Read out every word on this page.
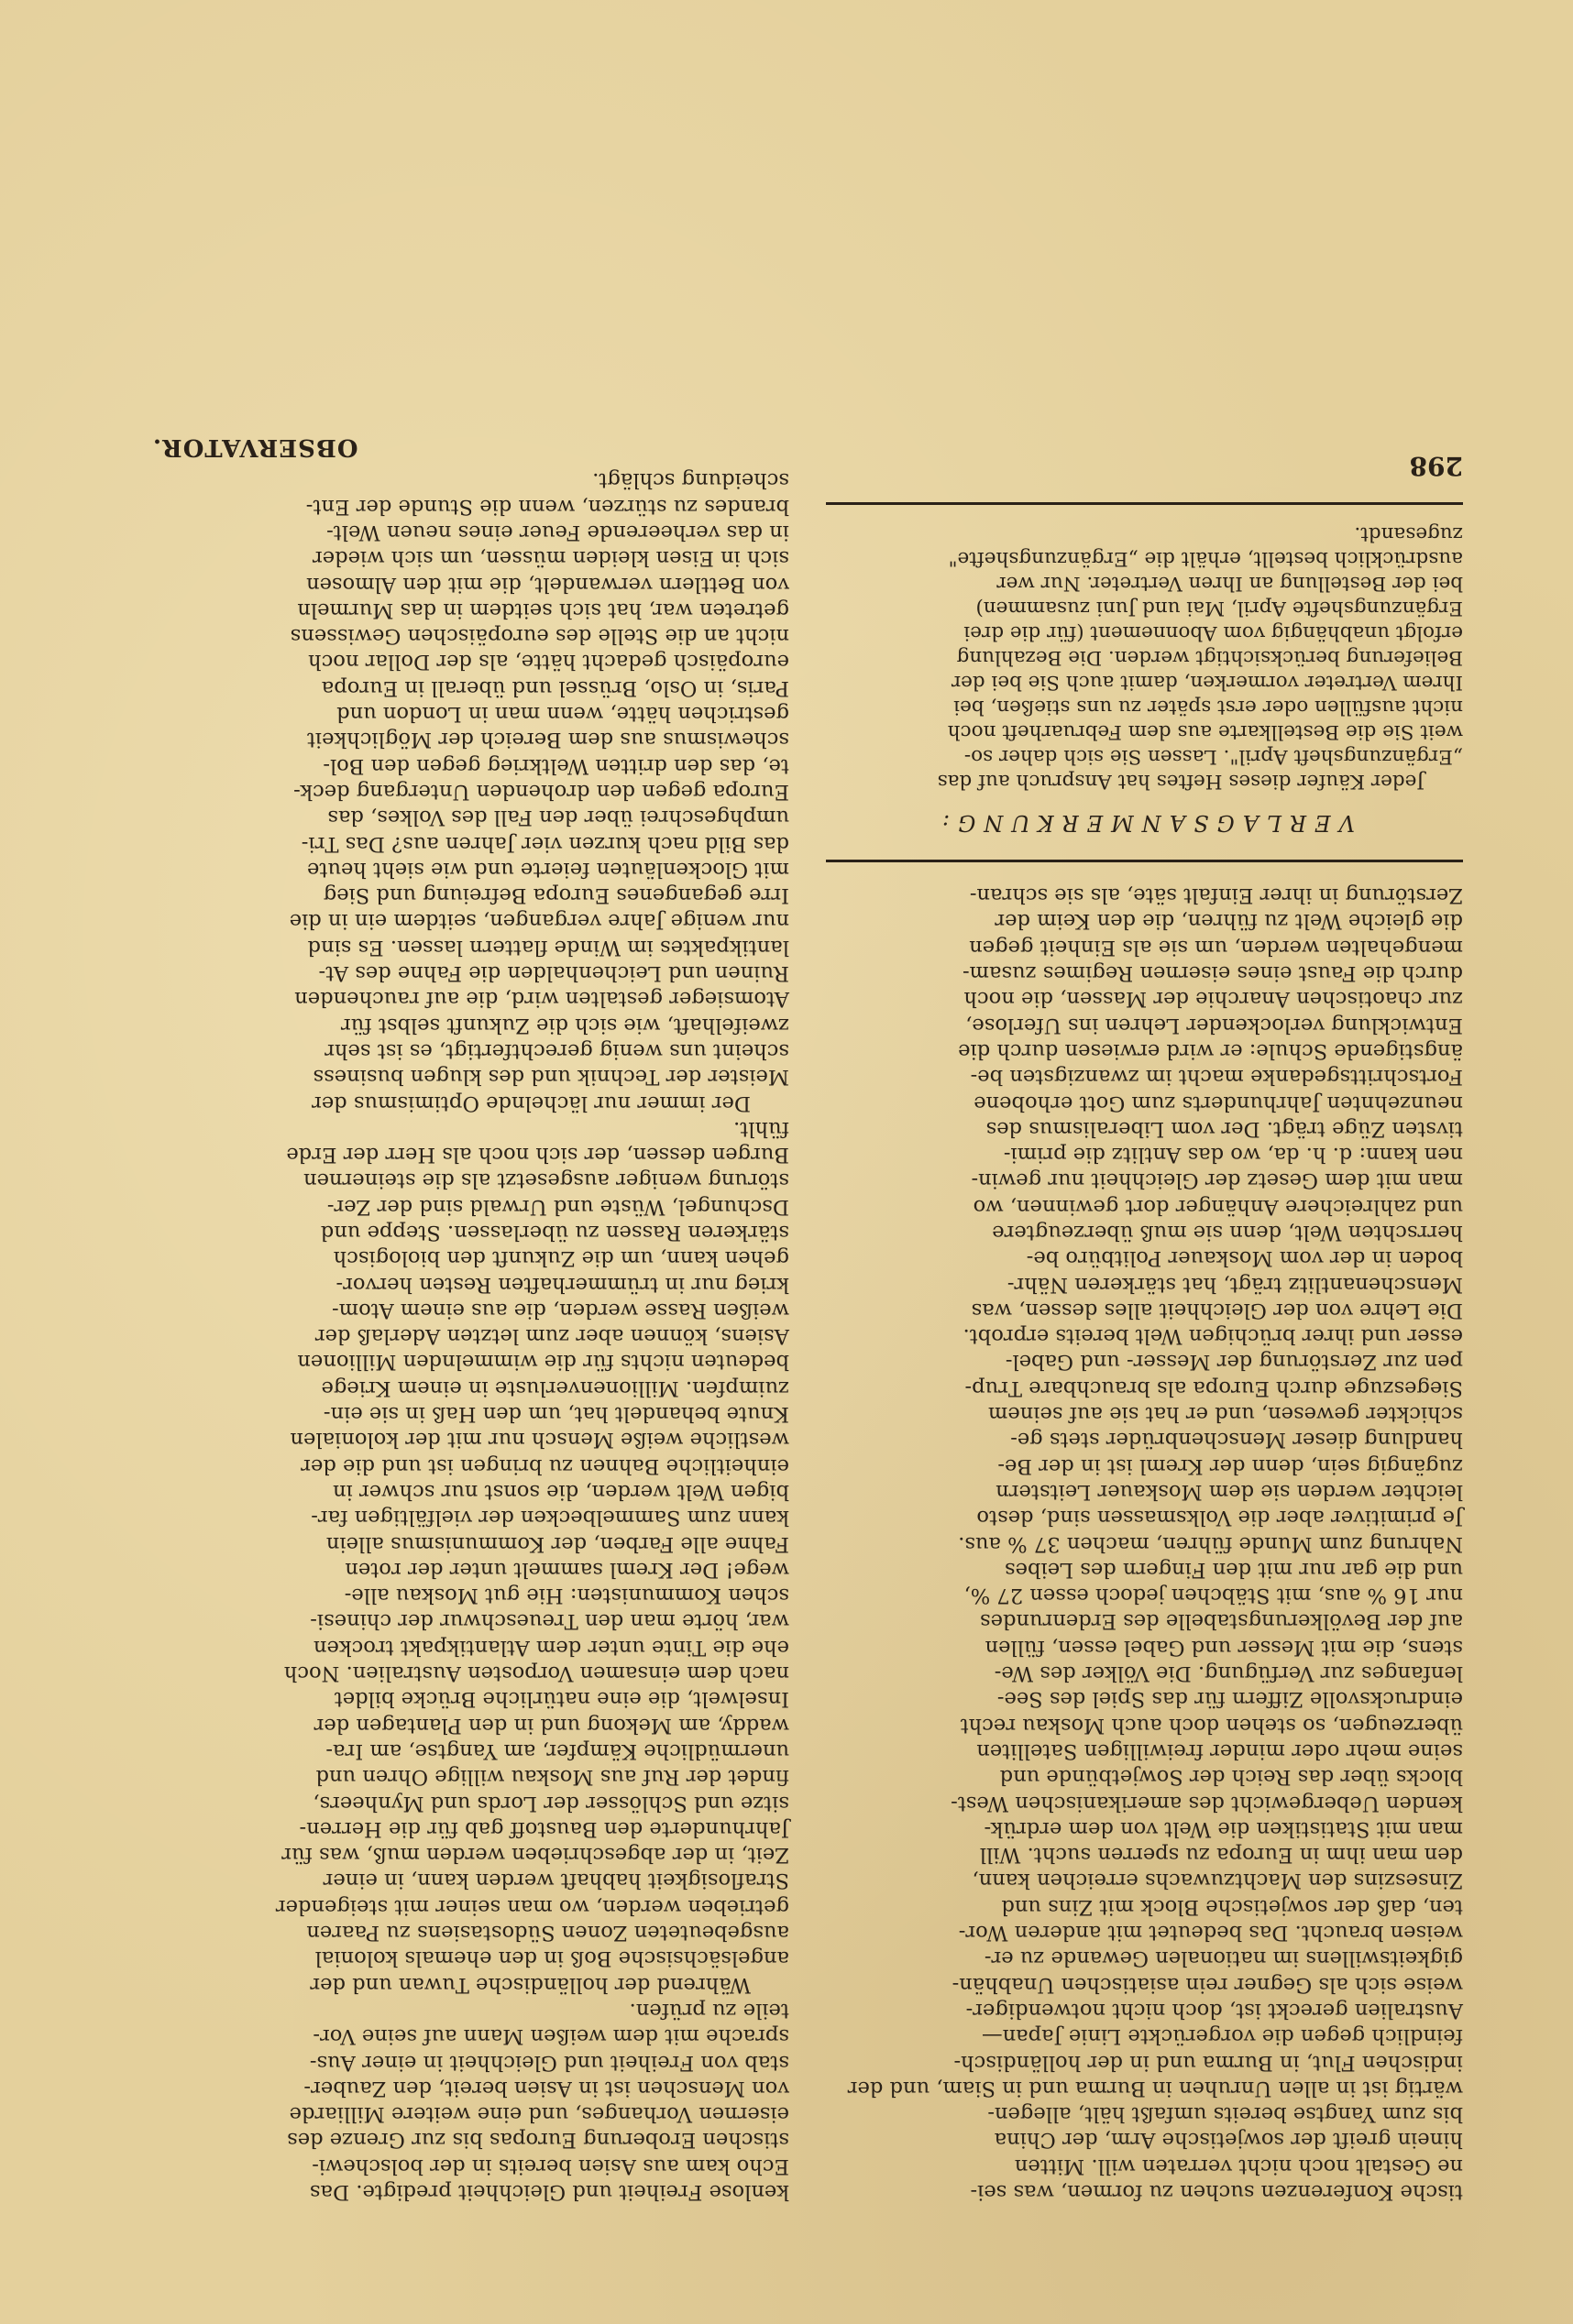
tische Konferenzen suchen zu formen, was sei-
ne Gestalt noch nicht verraten will. Mitten
hinein greift der sowjetische Arm, der China
bis zum Yangtse bereits umfaßt hält, allegen-
wärtig ist in allen Unruhen in Burma und in Siam, und der
indischen Flut, in Burma und in der holländisch-
feindlich gegen die vorgerückte Linie Japan—
Australien gereckt ist, doch nicht notwendiger-
weise sich als Gegner rein asiatischen Unabhän-
gigkeitswillens im nationalen Gewande zu er-
weisen braucht. Das bedeutet mit anderen Wor-
ten, daß der sowjetische Block mit Zins und
Zinseszins den Machtzuwachs erreichen kann,
den man ihm in Europa zu sperren sucht. Will
man mit Statistiken die Welt von dem erdrük-
kenden Uebergewicht des amerikanischen West-
blocks über das Reich der Sowjetbünde und
seine mehr oder minder freiwilligen Satelliten
überzeugen, so stehen doch auch Moskau recht
eindrucksvolle Ziffern für das Spiel des See-
lenfanges zur Verfügung. Die Völker des We-
stens, die mit Messer und Gabel essen, füllen
auf der Bevölkerungstabelle des Erdenrundes
nur 16 % aus, mit Stäbchen jedoch essen 27 %,
und die gar nur mit den Fingern des Leibes
Nahrung zum Munde führen, machen 37 % aus.
Je primitiver aber die Volksmassen sind, desto
leichter werden sie dem Moskauer Leitstern
zugängig sein, denn der Kreml ist in der Be-
handlung dieser Menschenbrüder stets ge-
schickter gewesen, und er hat sie auf seinem
Siegeszuge durch Europa als brauchbare Trup-
pen zur Zerstörung der Messer- und Gabel-
esser und ihrer brüchigen Welt bereits erprobt.
Die Lehre von der Gleichheit alles dessen, was
Menschenantlitz trägt, hat stärkeren Nähr-
boden in der vom Moskauer Politbüro be-
herrschten Welt, denn sie muß überzeugtere
und zahlreichere Anhänger dort gewinnen, wo
man mit dem Gesetz der Gleichheit nur gewin-
nen kann: d. h. da, wo das Antlitz die primi-
tivsten Züge trägt. Der vom Liberalismus des
neunzehnten Jahrhunderts zum Gott erhobene
Fortschrittsgedanke macht im zwanzigsten be-
ängstigende Schule: er wird erwiesen durch die
Entwicklung verlockender Lehren ins Uferlose,
zur chaotischen Anarchie der Massen, die noch
durch die Faust eines eisernen Regimes zusam-
mengehalten werden, um sie als Einheit gegen
die gleiche Welt zu führen, die den Keim der
Zerstörung in ihrer Einfalt säte, als sie schran-

VERLAGSANMERKUNG:

Jeder Käufer dieses Heftes hat Anspruch auf das
„Ergänzungsheft April". Lassen Sie sich daher so-
weit Sie die Bestellkarte aus dem Februarheft noch
nicht ausfüllen oder erst später zu uns stießen, bei
Ihrem Vertreter vormerken, damit auch Sie bei der
Belieferung berücksichtigt werden. Die Bezahlung
erfolgt unabhängig vom Abonnement (für die drei
Ergänzungshefte April, Mai und Juni zusammen)
bei der Bestellung an Ihren Vertreter. Nur wer
ausdrücklich bestellt, erhält die „Ergänzungshefte"
zugesandt.

298

kenlose Freiheit und Gleichheit predigte. Das
Echo kam aus Asien bereits in der bolschewi-
stischen Eroberung Europas bis zur Grenze des
eisernen Vorhanges, und eine weitere Milliarde
von Menschen ist in Asien bereit, den Zauber-
stab von Freiheit und Gleichheit in einer Aus-
sprache mit dem weißen Mann auf seine Vor-
teile zu prüfen.

Während der holländische Tuwan und der
angelsächsische Boß in den ehemals kolonial
ausgebeuteten Zonen Südostasiens zu Paaren
getrieben werden, wo man seiner mit steigender
Straflosigkeit habhaft werden kann, in einer
Zeit, in der abgeschrieben werden muß, was für
Jahrhunderte den Baustoff gab für die Herren-
sitze und Schlösser der Lords und Mynheers,
findet der Ruf aus Moskau willige Ohren und
unermüdliche Kämpfer, am Yangtse, am Ira-
waddy, am Mekong und in den Plantagen der
Inselwelt, die eine natürliche Brücke bildet
nach dem einsamen Vorposten Australien. Noch
ehe die Tinte unter dem Atlantikpakt trocken
war, hörte man den Treueschwur der chinesi-
schen Kommunisten: Hie gut Moskau alle-
wege! Der Kreml sammelt unter der roten
Fahne alle Farben, der Kommunismus allein
kann zum Sammelbecken der vielfältigen far-
bigen Welt werden, die sonst nur schwer in
einheitliche Bahnen zu bringen ist und die der
westliche weiße Mensch nur mit der kolonialen
Knute behandelt hat, um den Haß in sie ein-
zuimpfen. Millionenverluste in einem Kriege
bedeuten nichts für die wimmelnden Millionen
Asiens, können aber zum letzten Aderlaß der
weißen Rasse werden, die aus einem Atom-
krieg nur in trümmerhaften Resten hervor-
gehen kann, um die Zukunft den biologisch
stärkeren Rassen zu überlassen. Steppe und
Dschungel, Wüste und Urwald sind der Zer-
störung weniger ausgesetzt als die steinernen
Burgen dessen, der sich noch als Herr der Erde
fühlt.

Der immer nur lächelnde Optimismus der
Meister der Technik und des klugen business
scheint uns wenig gerechtfertigt, es ist sehr
zweifelhaft, wie sich die Zukunft selbst für
Atomsieger gestalten wird, die auf rauchenden
Ruinen und Leichenhalden die Fahne des At-
lantikpaktes im Winde flattern lassen. Es sind
nur wenige Jahre vergangen, seitdem ein in die
Irre gegangenes Europa Befreiung und Sieg
mit Glockenläuten feierte und wie sieht heute
das Bild nach kurzen vier Jahren aus? Das Tri-
umphgeschrei über den Fall des Volkes, das
Europa gegen den drohenden Untergang deck-
te, das den dritten Weltkrieg gegen den Bol-
schewismus aus dem Bereich der Möglichkeit
gestrichen hätte, wenn man in London und
Paris, in Oslo, Brüssel und überall in Europa
europäisch gedacht hätte, als der Dollar noch
nicht an die Stelle des europäischen Gewissens
getreten war, hat sich seitdem in das Murmeln
von Bettlern verwandelt, die mit den Almosen
sich in Eisen kleiden müssen, um sich wieder
in das verheerende Feuer eines neuen Welt-
brandes zu stürzen, wenn die Stunde der Ent-
scheidung schlägt.

OBSERVATOR.
